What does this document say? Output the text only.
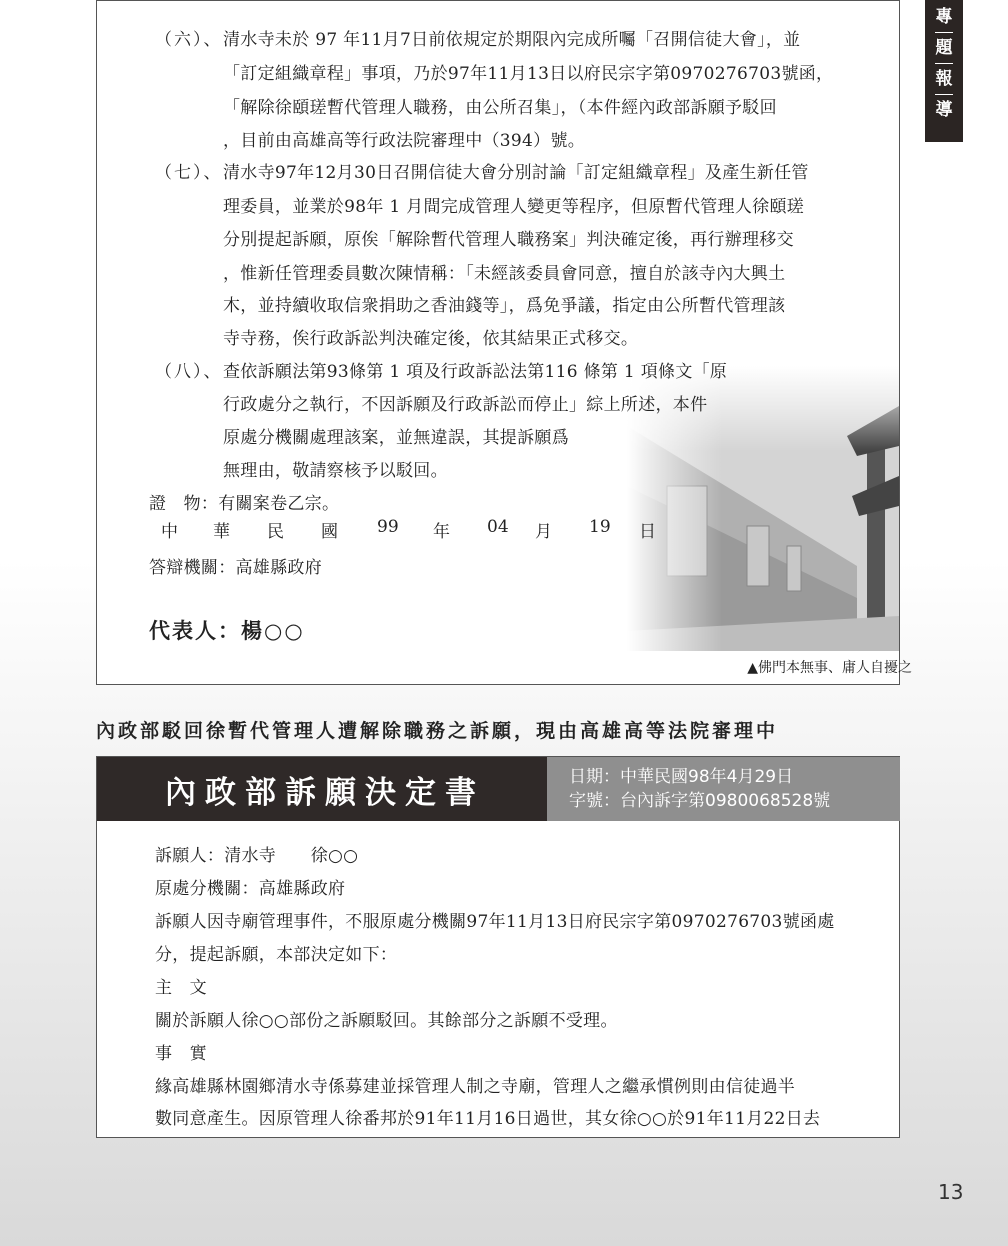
專
題
報
導
（六）、 清水寺未於 97 年11月7日前依規定於期限內完成所囑「召開信徒大會」，並
「訂定組織章程」事項，乃於97年11月13日以府民宗字第0970276703號函，
「解除徐頤瑳暫代管理人職務，由公所召集」，（本件經內政部訴願予駁回
，目前由高雄高等行政法院審理中（394）號。
（七）、 清水寺97年12月30日召開信徒大會分別討論「訂定組織章程」及產生新任管
理委員，並業於98年 1 月間完成管理人變更等程序，但原暫代管理人徐頤瑳
分別提起訴願，原俟「解除暫代管理人職務案」判決確定後，再行辦理移交
，惟新任管理委員數次陳情稱：「未經該委員會同意，擅自於該寺內大興土
木，並持續收取信衆捐助之香油錢等」，爲免爭議，指定由公所暫代管理該
寺寺務，俟行政訴訟判決確定後，依其結果正式移交。
（八）、 查依訴願法第93條第 1 項及行政訴訟法第116 條第 1 項條文「原
行政處分之執行，不因訴願及行政訴訟而停止」綜上所述，本件
原處分機關處理該案，並無違誤，其提訴願爲
無理由，敬請察核予以駁回。
證　物：有關案卷乙宗。
中 華 民 國 99 年 04 月 19 日
答辯機關：高雄縣政府
代表人：楊○○
▲佛門本無事、庸人自擾之
內政部駁回徐暫代管理人遭解除職務之訴願，現由高雄高等法院審理中
內政部訴願決定書	日期：中華民國98年4月29日
字號：台內訴字第0980068528號
訴願人：清水寺　　徐○○
原處分機關：高雄縣政府
訴願人因寺廟管理事件，不服原處分機關97年11月13日府民宗字第0970276703號函處
分，提起訴願，本部決定如下：
主　文
關於訴願人徐○○部份之訴願駁回。其餘部分之訴願不受理。
事　實
緣高雄縣林園鄉清水寺係募建並採管理人制之寺廟，管理人之繼承慣例則由信徒過半
數同意產生。因原管理人徐番邦於91年11月16日過世，其女徐○○於91年11月22日去
13
